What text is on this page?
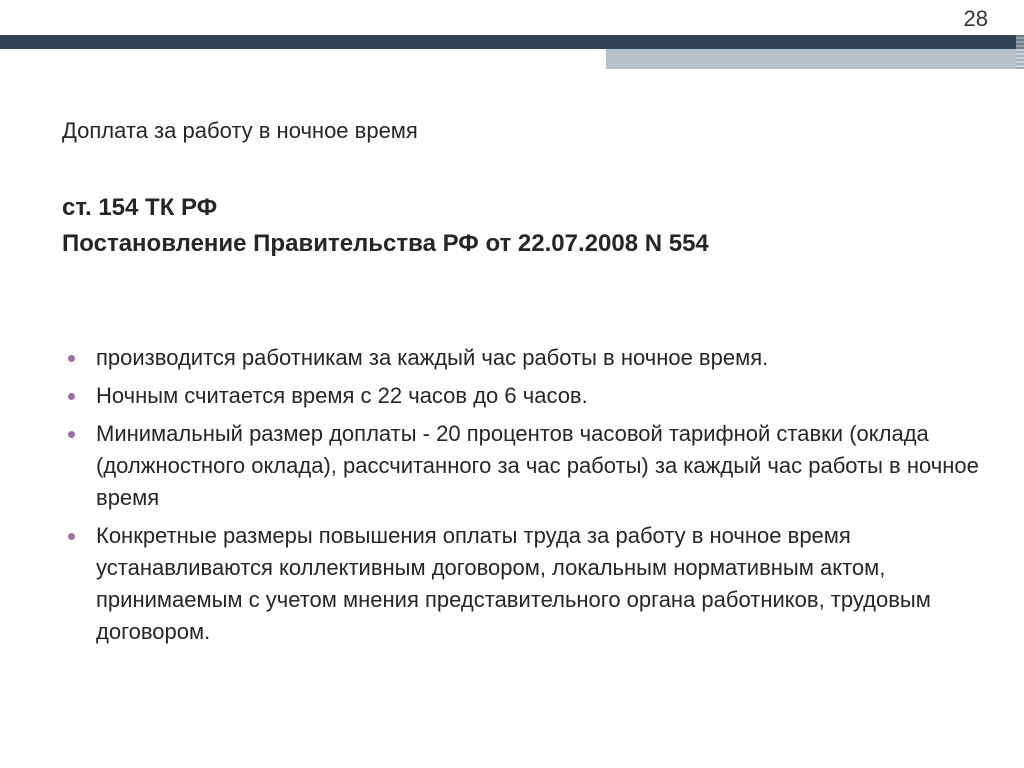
28
Доплата за работу в ночное время
ст. 154 ТК РФ
Постановление Правительства РФ от 22.07.2008 N 554
производится работникам за каждый час работы в ночное время.
Ночным считается время с 22 часов до 6 часов.
Минимальный размер доплаты - 20 процентов часовой тарифной ставки (оклада (должностного оклада), рассчитанного за час работы) за каждый час работы в ночное время
Конкретные размеры повышения оплаты труда за работу в ночное время устанавливаются коллективным договором, локальным нормативным актом, принимаемым с учетом мнения представительного органа работников, трудовым договором.
